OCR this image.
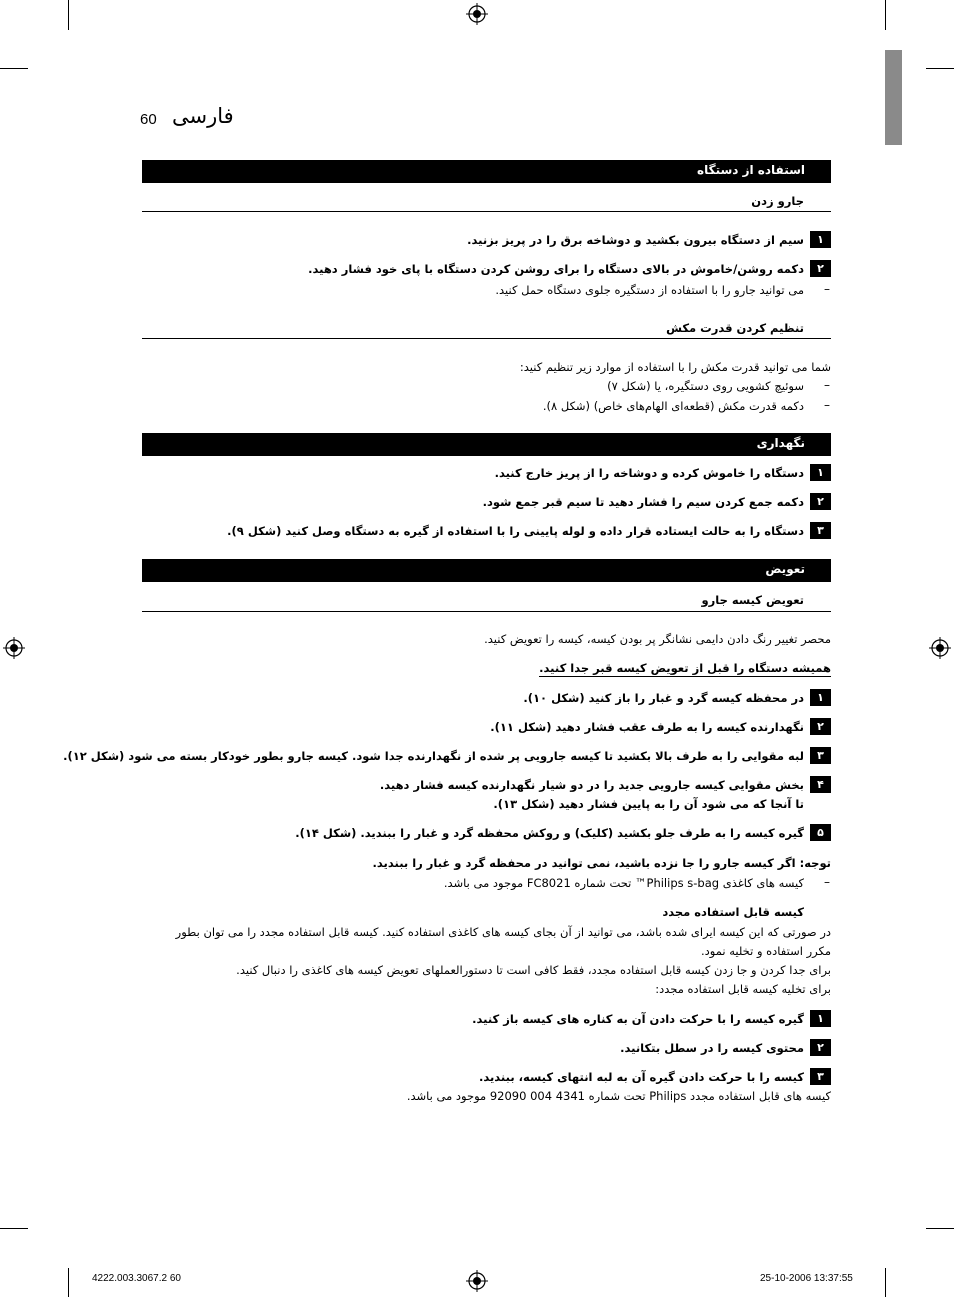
60 فارسی
استفاده از دستگاه
جارو زدن
۱
سیم از دستگاه بیرون بکشید و دوشاخه برق را در پریز بزنید.
۲
دکمه روشن/خاموش در بالای دستگاه را برای روشن کردن دستگاه با پای خود فشار دهید.
–
می توانید جارو را با استفاده از دستگیره جلوی دستگاه حمل کنید.
تنظیم کردن قدرت مکش
شما می توانید قدرت مکش را با استفاده از موارد زیر تنظیم کنید:
–
سوئیچ کشویی روی دستگیره، یا (شکل ۷)
–
دکمه قدرت مکش (قطعه‌ای الهام‌های خاص) (شکل ۸).
نگهداری
۱
دستگاه را خاموش کرده و دوشاخه را از پریز خارج کنید.
۲
دکمه جمع کردن سیم را فشار دهید تا سیم قبر جمع شود.
۳
دستگاه را به حالت ایستاده قرار داده و لوله پایینی را با استفاده از گیره به دستگاه وصل کنید (شکل ۹).
تعویض
تعویض کیسه جارو
محصر تغییر رنگ دادن دایمی نشانگر پر بودن کیسه، کیسه را تعویض کنید.
همیشه دستگاه را قبل از تعویض کیسه قبر جدا کنید.
۱
در محفظه کیسه گرد و غبار را باز کنید (شکل ۱۰).
۲
نگهدارنده کیسه را به طرف عقب فشار دهید (شکل ۱۱).
۳
لبه مقوایی را به طرف بالا بکشید تا کیسه جارویی پر شده از نگهدارنده جدا شود. کیسه جارو بطور خودکار بسته می شود (شکل ۱۲).
۴
بخش مقوایی کیسه جارویی جدید را در دو شیار نگهدارنده کیسه فشار دهید.
تا آنجا که می شود آن را به پایین فشار دهید (شکل ۱۳).
۵
گیره کیسه را به طرف جلو بکشید (کلیک) و روکش محفظه گرد و غبار را ببندید. (شکل ۱۴).
توجه: اگر کیسه جارو را جا نزده باشید، نمی توانید در محفظه گرد و غبار را ببندید.
–
کیسه های کاغذی Philips s-bag™ تحت شماره FC8021 موجود می باشد.
کیسه قابل استفاده مجدد
در صورتی که این کیسه ایرای شده باشد، می توانید از آن بجای کیسه های کاغذی استفاده کنید. کیسه قابل استفاده مجدد را می توان بطور
مکرر استفاده و تخلیه نمود.
برای جدا کردن و جا زدن کیسه قابل استفاده مجدد، فقط کافی است تا دستورالعملهای تعویض کیسه های کاغذی را دنبال کنید.
برای تخلیه کیسه قابل استفاده مجدد:
۱
گیره کیسه را با حرکت دادن آن به کناره های کیسه باز کنید.
۲
محتوی کیسه را در سطل بتکانید.
۳
کیسه را با حرکت دادن گیره آن به لبه انتهای کیسه، ببندید.
کیسه های قابل استفاده مجدد Philips تحت شماره 4341 004 92090 موجود می باشد.
4222.003.3067.2 60	25-10-2006 13:37:55
